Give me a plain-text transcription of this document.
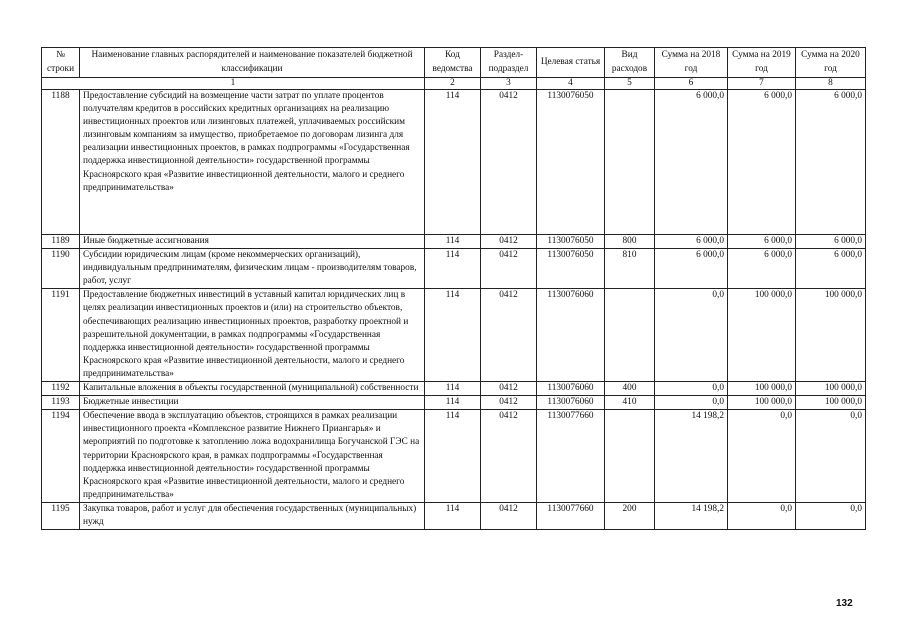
№ строки	Наименование главных распорядителей и наименование показателей бюджетной классификации	Код ведомства	Раздел-подраздел	Целевая статья	Вид расходов	Сумма на 2018 год	Сумма на 2019 год	Сумма на 2020 год
1		2	3	4	5	6	7	8
1188	Предоставление субсидий на возмещение части затрат по уплате процентов получателям кредитов в российских кредитных организациях на реализацию инвестиционных проектов или лизинговых платежей, уплачиваемых российским лизинговым компаниям за имущество, приобретаемое по договорам лизинга для реализации инвестиционных проектов, в рамках подпрограммы «Государственная поддержка инвестиционной деятельности» государственной программы Красноярского края «Развитие инвестиционной деятельности, малого и среднего предпринимательства»	114	0412	1130076050		6 000,0	6 000,0	6 000,0
1189	Иные бюджетные ассигнования	114	0412	1130076050	800	6 000,0	6 000,0	6 000,0
1190	Субсидии юридическим лицам (кроме некоммерческих организаций), индивидуальным предпринимателям, физическим лицам - производителям товаров, работ, услуг	114	0412	1130076050	810	6 000,0	6 000,0	6 000,0
1191	Предоставление бюджетных инвестиций в уставный капитал юридических лиц в целях реализации инвестиционных проектов и (или) на строительство объектов, обеспечивающих реализацию инвестиционных проектов, разработку проектной и разрешительной документации, в рамках подпрограммы «Государственная поддержка инвестиционной деятельности» государственной программы Красноярского края «Развитие инвестиционной деятельности, малого и среднего предпринимательства»	114	0412	1130076060		0,0	100 000,0	100 000,0
1192	Капитальные вложения в объекты государственной (муниципальной) собственности	114	0412	1130076060	400	0,0	100 000,0	100 000,0
1193	Бюджетные инвестиции	114	0412	1130076060	410	0,0	100 000,0	100 000,0
1194	Обеспечение ввода в эксплуатацию объектов, строящихся в рамках реализации инвестиционного проекта «Комплексное развитие Нижнего Приангарья» и мероприятий по подготовке к затоплению ложа водохранилища Богучанской ГЭС на территории Красноярского края, в рамках подпрограммы «Государственная поддержка инвестиционной деятельности» государственной программы Красноярского края «Развитие инвестиционной деятельности, малого и среднего предпринимательства»	114	0412	1130077660		14 198,2	0,0	0,0
1195	Закупка товаров, работ и услуг для обеспечения государственных (муниципальных) нужд	114	0412	1130077660	200	14 198,2	0,0	0,0
132
